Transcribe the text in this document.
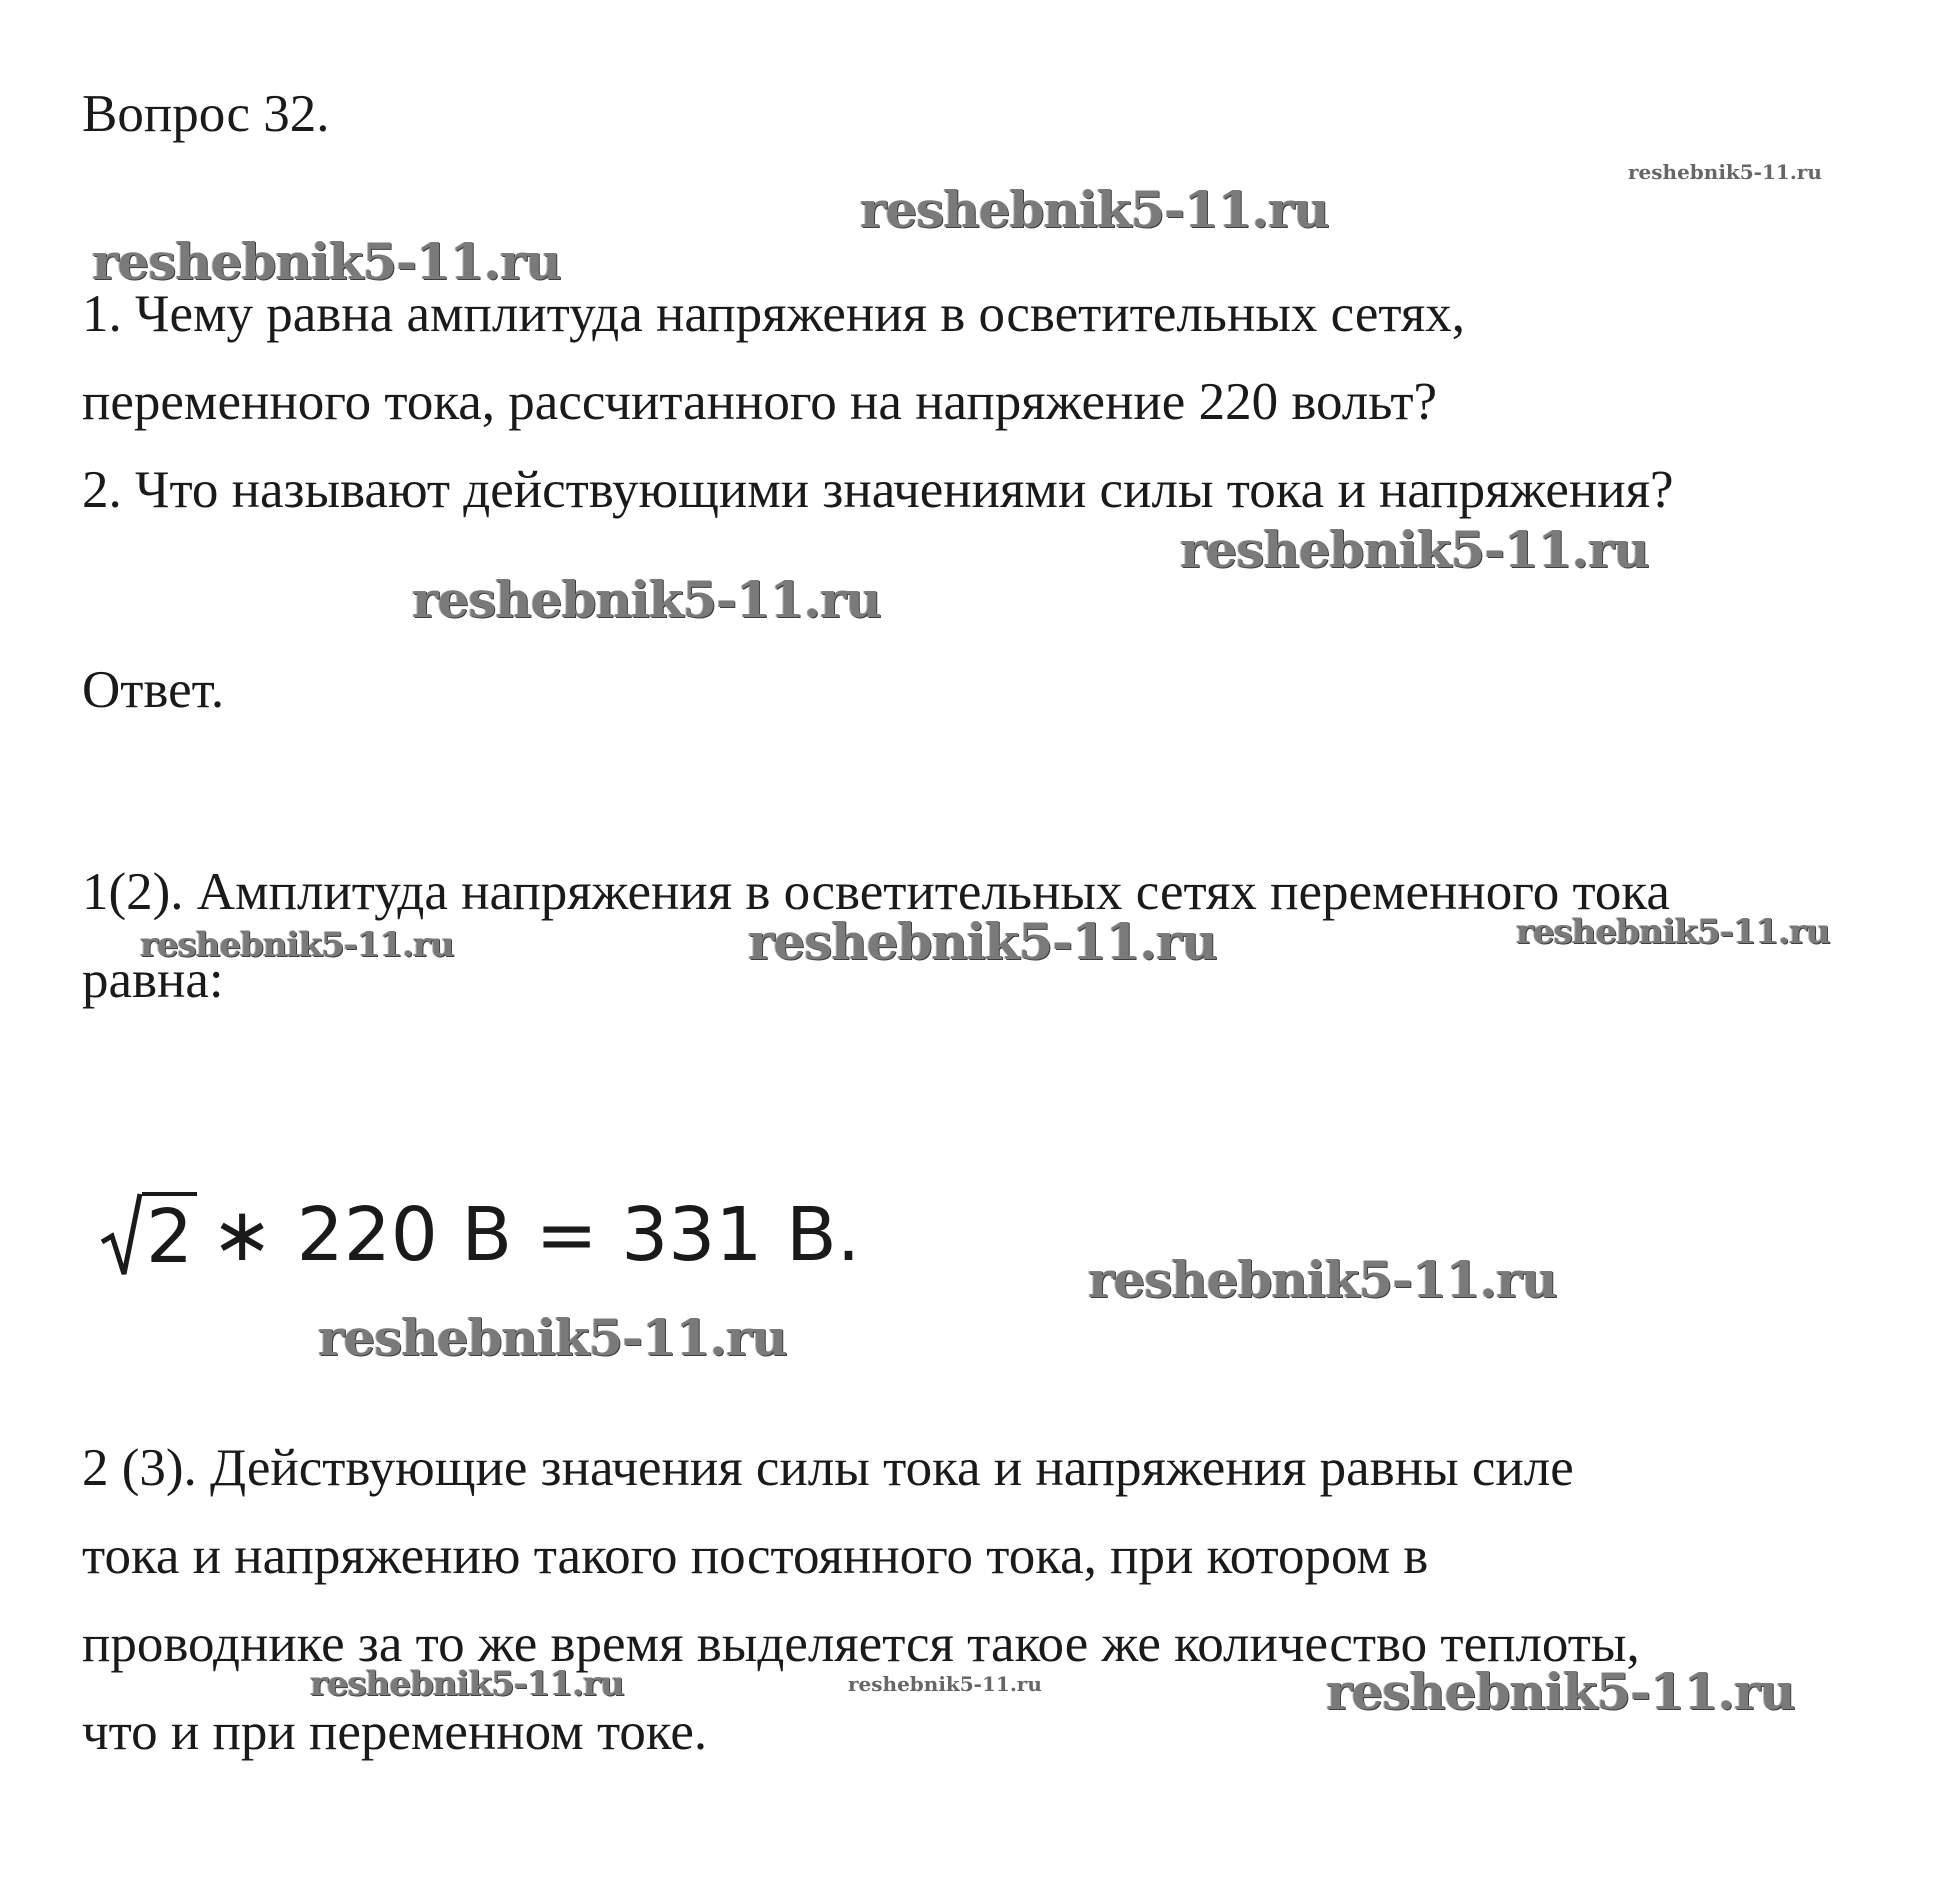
reshebnik5-11.ru
reshebnik5-11.ru
reshebnik5-11.ru
reshebnik5-11.ru
reshebnik5-11.ru
reshebnik5-11.ru	reshebnik5-11.ru	reshebnik5-11.ru
reshebnik5-11.ru
reshebnik5-11.ru
reshebnik5-11.ru	reshebnik5-11.ru	reshebnik5-11.ru
Вопрос 32.
1. Чему равна амплитуда напряжения в осветительных сетях,
переменного тока, рассчитанного на напряжение 220 вольт?
2. Что называют действующими значениями силы тока и напряжения?
Ответ.
1(2). Амплитуда напряжения в осветительных сетях переменного тока
равна:
2 ∗ 220 В = 331 В.
2 (3). Действующие значения силы тока и напряжения равны силе
тока и напряжению такого постоянного тока, при котором в
проводнике за то же время выделяется такое же количество теплоты,
что и при переменном токе.
